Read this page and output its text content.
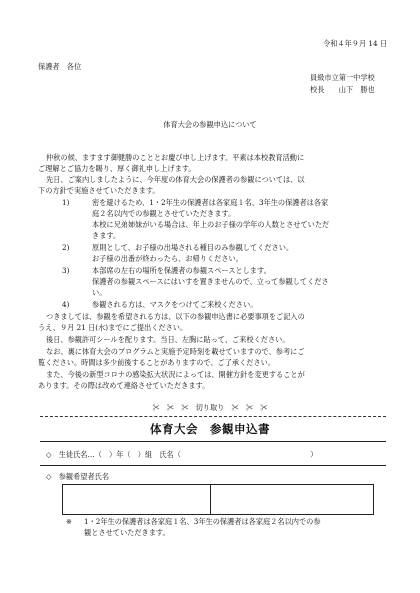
令和４年９月 14 日
保護者　各位
員級市立第一中学校
校長　　山下　勝也
体育大会の参観申込について
仲秋の候、ますます御健勝のこととお慶び申し上げます。平素は本校教育活動に
ご理解とご協力を賜り、厚く御礼申し上げます。
先日、ご案内しましたように、今年度の体育大会の保護者の参観については、以
下の方針で実施させていただきます。
1)	密を避けるため、1・2年生の保護者は各家庭１名、3年生の保護者は各家
庭２名以内での参観とさせていただきます。
本校に兄弟姉妹がいる場合は、年上のお子様の学年の人数とさせていただ
きます。
2)	原則として、お子様の出場される種目のみ参観してください。
お子様の出番が終わったら、お帰りください。
3)	本部席の左右の場所を保護者の参観スペースとします。
保護者の参観スペースにはいすを置きませんので、立って参観してくださ
い。
4)	参観される方は、マスクをつけてご来校ください。
つきましては、参観を希望される方は、以下の参観申込書に必要事項をご記入の
うえ、９月 21 日(水)までにご提出ください。
後日、参観許可シールを配ります。当日、左胸に貼って、ご来校ください。
なお、裏に体育大会のプログラムと実施予定時刻を載せていますので、参考にご
覧ください。時間は多少前後することがありますので、ご了承ください。
また、今後の新型コロナの感染拡大状況によっては、開催方針を変更することが
あります。その際は改めて連絡させていただきます。
✂　✂　✂　切り取り　✂　✂　✂
体育大会　参観申込書
◇　生徒氏名…（　）年（　）組　氏名（　　　　　　　　　　　　　　　　　　）
◇　参観希望者氏名
※ 1・2年生の保護者は各家庭１名、3年生の保護者は各家庭２名以内での参
観とさせていただきます。
